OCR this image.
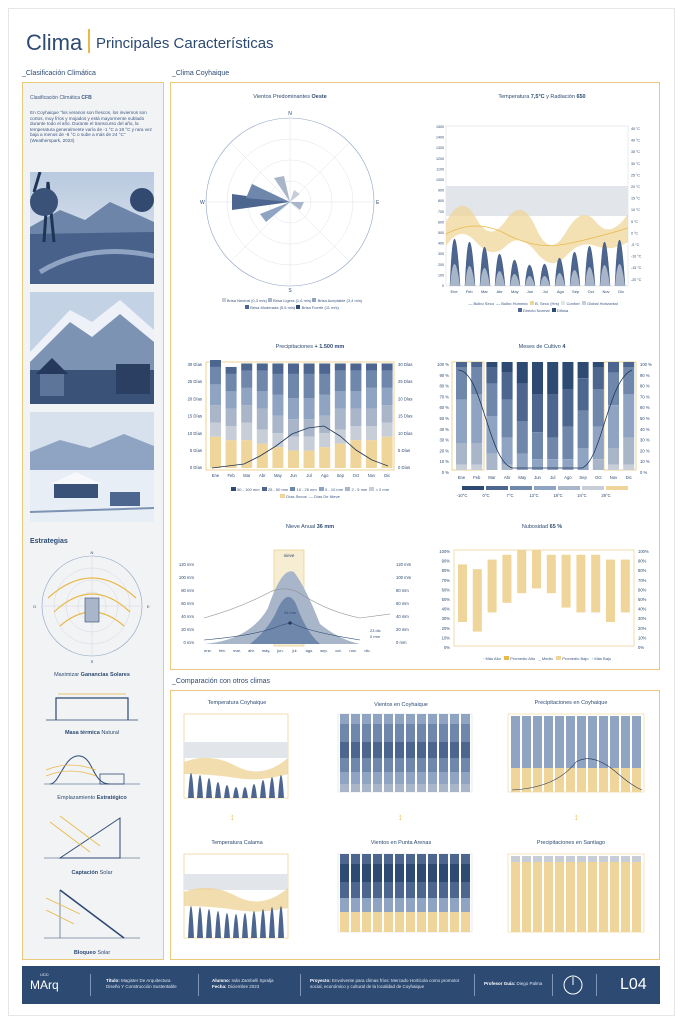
Clima Principales Características
_Clasificación Climática	_Clima Coyhaique
_Comparación con otros climas
Clasificación Climática CFB
En Coyhaique "los veranos son frescos, los inviernos son cortos, muy fríos y mojados y está mayormente nublado durante todo el año. Durante el transcurso del año, la temperatura generalmente varía de -1 °C a 18 °C y rara vez baja a menos de -6 °C o sube a más de 24 °C" (Weatherspark, 2023)
Estrategias
N
E
S
O
Maximizar Ganancias Solares
Masa térmica Natural
Emplazamiento Estratégico
Captación Solar
Bloqueo Solar
Vientos Predominantes Oeste
N
E
S
W
Brisa Neutral (0,3 m/s) Brisa Ligera (1,6 m/s) Brisa Aceptable (3,4 m/s)
Brisa Moderada (5,5 m/s) Brisa Fuerte (11 m/s)
Temperatura 7,5°C y Radiación 650
1500
1400
1300
1200
1100
1000
900
800
700
600
500
400
300
200
100
0
45 °C
40 °C
35 °C
30 °C
25 °C
20 °C
15 °C
10 °C
5 °C
0 °C
-5 °C
-10 °C
-15 °C
-20 °C
Ene Feb Mar Abr May Jun Jul Ago Sep Oct Nov Dic
— Bulbo Seco — Bulbo Húmedo B. Seco (Hrs) Confort Global Horizontal
Directo Normal Difusa
Precipitaciones + 1.500 mm
30 Días
25 Días
20 Días
15 Días
10 Días
5 Días
0 Días
30 Días
25 Días
20 Días
15 Días
10 Días
5 Días
0 Días
Ene Feb Mar Abr May Jun Jul Ago Sep Oct Nov Dic
50 - 100 mm 25 - 50 mm 10 - 25 mm 5 - 10 mm 2 - 5 mm < 2 mm
Días Secos — Días De Nieve
Meses de Cultivo 4
100 %
90 %
80 %
70 %
60 %
50 %
40 %
30 %
20 %
10 %
0 %
100 %
90 %
80 %
70 %
60 %
50 %
40 %
30 %
20 %
10 %
0 %
Ene Feb Mar Abr May Jun Jul Ago Sep Oct Nov Dic
-10°C	0°C	7°C	13°C	18°C	24°C	29°C
Nieve Anual 36 mm
nieve
34 mm
23 dic
0 mm
120 mm
100 mm
80 mm
60 mm
40 mm
20 mm
0 mm
120 mm
100 mm
80 mm
60 mm
40 mm
20 mm
0 mm
ene. feb. mar. abr. may. jun. jul. ago. sep. oct. nov. dic.
Nubosidad 65 %
100%
90%
80%
70%
60%
50%
40%
30%
20%
10%
0%
100%
90%
80%
70%
60%
50%
40%
30%
20%
10%
0%
◦ Más Alto Promedio Alto _ Medio Promedio Bajo ◦ Más Bajo
Temperatura Coyhaique	Vientos en Coyhaique	Precipitaciones en Coyhaique
Temperatura Calama	Vientos en Punta Arenas	Precipitaciones en Santiago
↕	↕	↕
UDD
MArq	Título: Magister De Arquitectura
Diseño Y Construcción Sustentable
Alumno: Iván Zambelli Spralja
Fecha: Diciembre 2023
Proyecto: Envolvente para climas fríos: Mercado Hortícola como promotor social, económico y cultural de la localidad de Coyhaique
Profesor Guía: Diego Palma	L04
